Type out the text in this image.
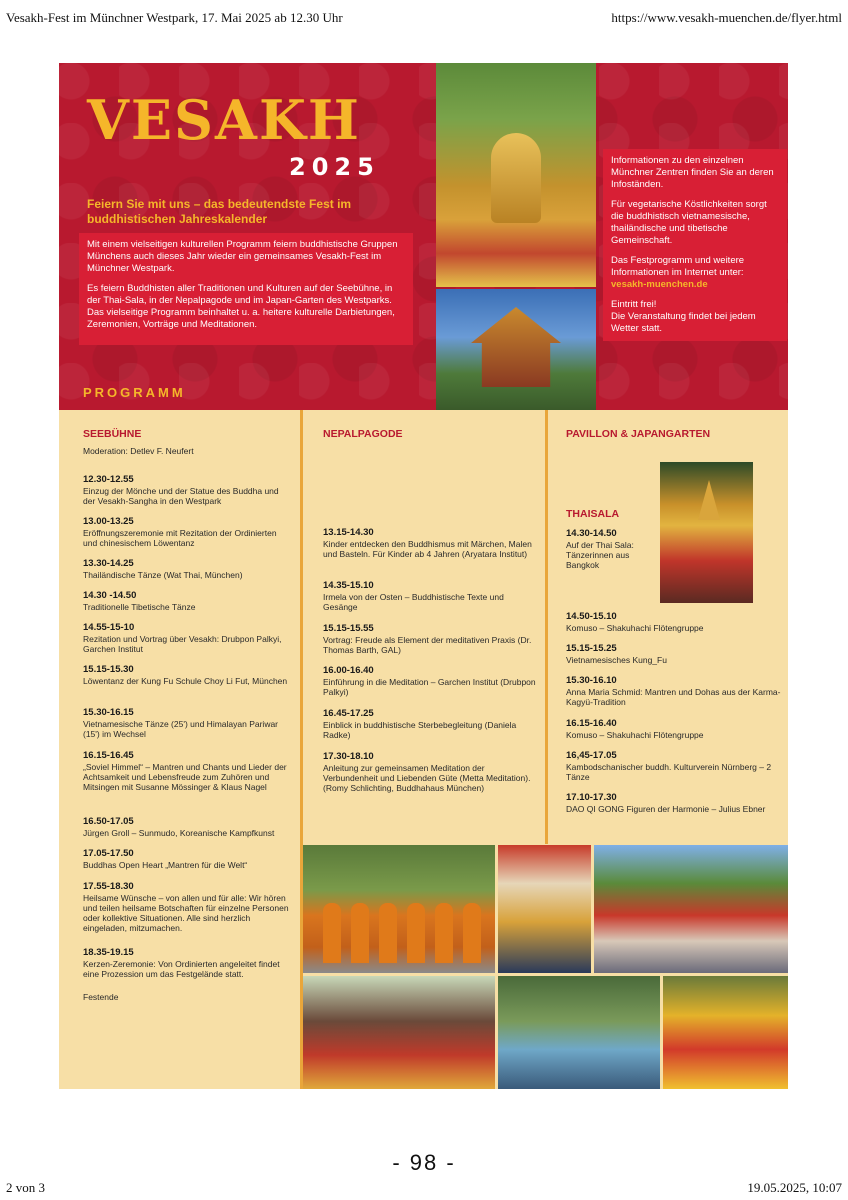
Vesakh-Fest im Münchner Westpark, 17. Mai 2025 ab 12.30 Uhr	https://www.vesakh-muenchen.de/flyer.html
VESAKH
2025
Feiern Sie mit uns – das bedeutendste Fest im buddhistischen Jahreskalender

Mit einem vielseitigen kulturellen Programm feiern buddhistische Gruppen Münchens auch dieses Jahr wieder ein gemeinsames Vesakh-Fest im Münchner Westpark.

Es feiern Buddhisten aller Traditionen und Kulturen auf der Seebühne, in der Thai-Sala, in der Nepalpagode und im Japan-Garten des Westparks. Das vielseitige Programm beinhaltet u. a. heitere kulturelle Darbietungen, Zeremonien, Vorträge und Meditationen.

PROGRAMM

Informationen zu den einzelnen Münchner Zentren finden Sie an deren Infoständen.

Für vegetarische Köstlichkeiten sorgt die buddhistisch vietnamesische, thailändische und tibetische Gemeinschaft.

Das Festprogramm und weitere Informationen im Internet unter:

vesakh-muenchen.de

Eintritt frei!

Die Veranstaltung findet bei jedem Wetter statt.

SEEBÜHNE
Moderation: Detlev F. Neufert
12.30-12.55
Einzug der Mönche und der Statue des Buddha und der Vesakh-Sangha in den Westpark
13.00-13.25
Eröffnungszeremonie mit Rezitation der Ordinierten und chinesischem Löwentanz
13.30-14.25
Thailändische Tänze (Wat Thai, München)
14.30 -14.50
Traditionelle Tibetische Tänze
14.55-15-10
Rezitation und Vortrag über Vesakh: Drubpon Palkyi, Garchen Institut
15.15-15.30
Löwentanz der Kung Fu Schule Choy Li Fut, München
15.30-16.15
Vietnamesische Tänze (25') und Himalayan Pariwar (15') im Wechsel
16.15-16.45
„Soviel Himmel“ – Mantren und Chants und Lieder der Achtsamkeit und Lebensfreude zum Zuhören und Mitsingen mit Susanne Mössinger & Klaus Nagel
16.50-17.05
Jürgen Groll – Sunmudo, Koreanische Kampfkunst
17.05-17.50
Buddhas Open Heart „Mantren für die Welt“
17.55-18.30
Heilsame Wünsche – von allen und für alle: Wir hören und teilen heilsame Botschaften für einzelne Personen oder kollektive Situationen. Alle sind herzlich eingeladen, mitzumachen.
18.35-19.15
Kerzen-Zeremonie: Von Ordinierten angeleitet findet eine Prozession um das Festgelände statt.
Festende
NEPALPAGODE
13.15-14.30
Kinder entdecken den Buddhismus mit Märchen, Malen und Basteln. Für Kinder ab 4 Jahren (Aryatara Institut)
14.35-15.10
Irmela von der Osten – Buddhistische Texte und Gesänge
15.15-15.55
Vortrag: Freude als Element der meditativen Praxis (Dr. Thomas Barth, GAL)
16.00-16.40
Einführung in die Meditation – Garchen Institut (Drubpon Palkyi)
16.45-17.25
Einblick in buddhistische Sterbebegleitung (Daniela Radke)
17.30-18.10
Anleitung zur gemeinsamen Meditation der Verbundenheit und Liebenden Güte (Metta Meditation).(Romy Schlichting, Buddhahaus München)
PAVILLON & JAPANGARTEN
THAISALA
14.30-14.50
Auf der Thai Sala: Tänzerinnen aus Bangkok
14.50-15.10
Komuso – Shakuhachi Flötengruppe
15.15-15.25
Vietnamesisches Kung_Fu
15.30-16.10
Anna Maria Schmid: Mantren und Dohas aus der Karma-Kagyü-Tradition
16.15-16.40
Komuso – Shakuhachi Flötengruppe
16,45-17.05
Kambodschanischer buddh. Kulturverein Nürnberg – 2 Tänze
17.10-17.30
DAO QI GONG Figuren der Harmonie – Julius Ebner
- 98 -
2 von 3	19.05.2025, 10:07
